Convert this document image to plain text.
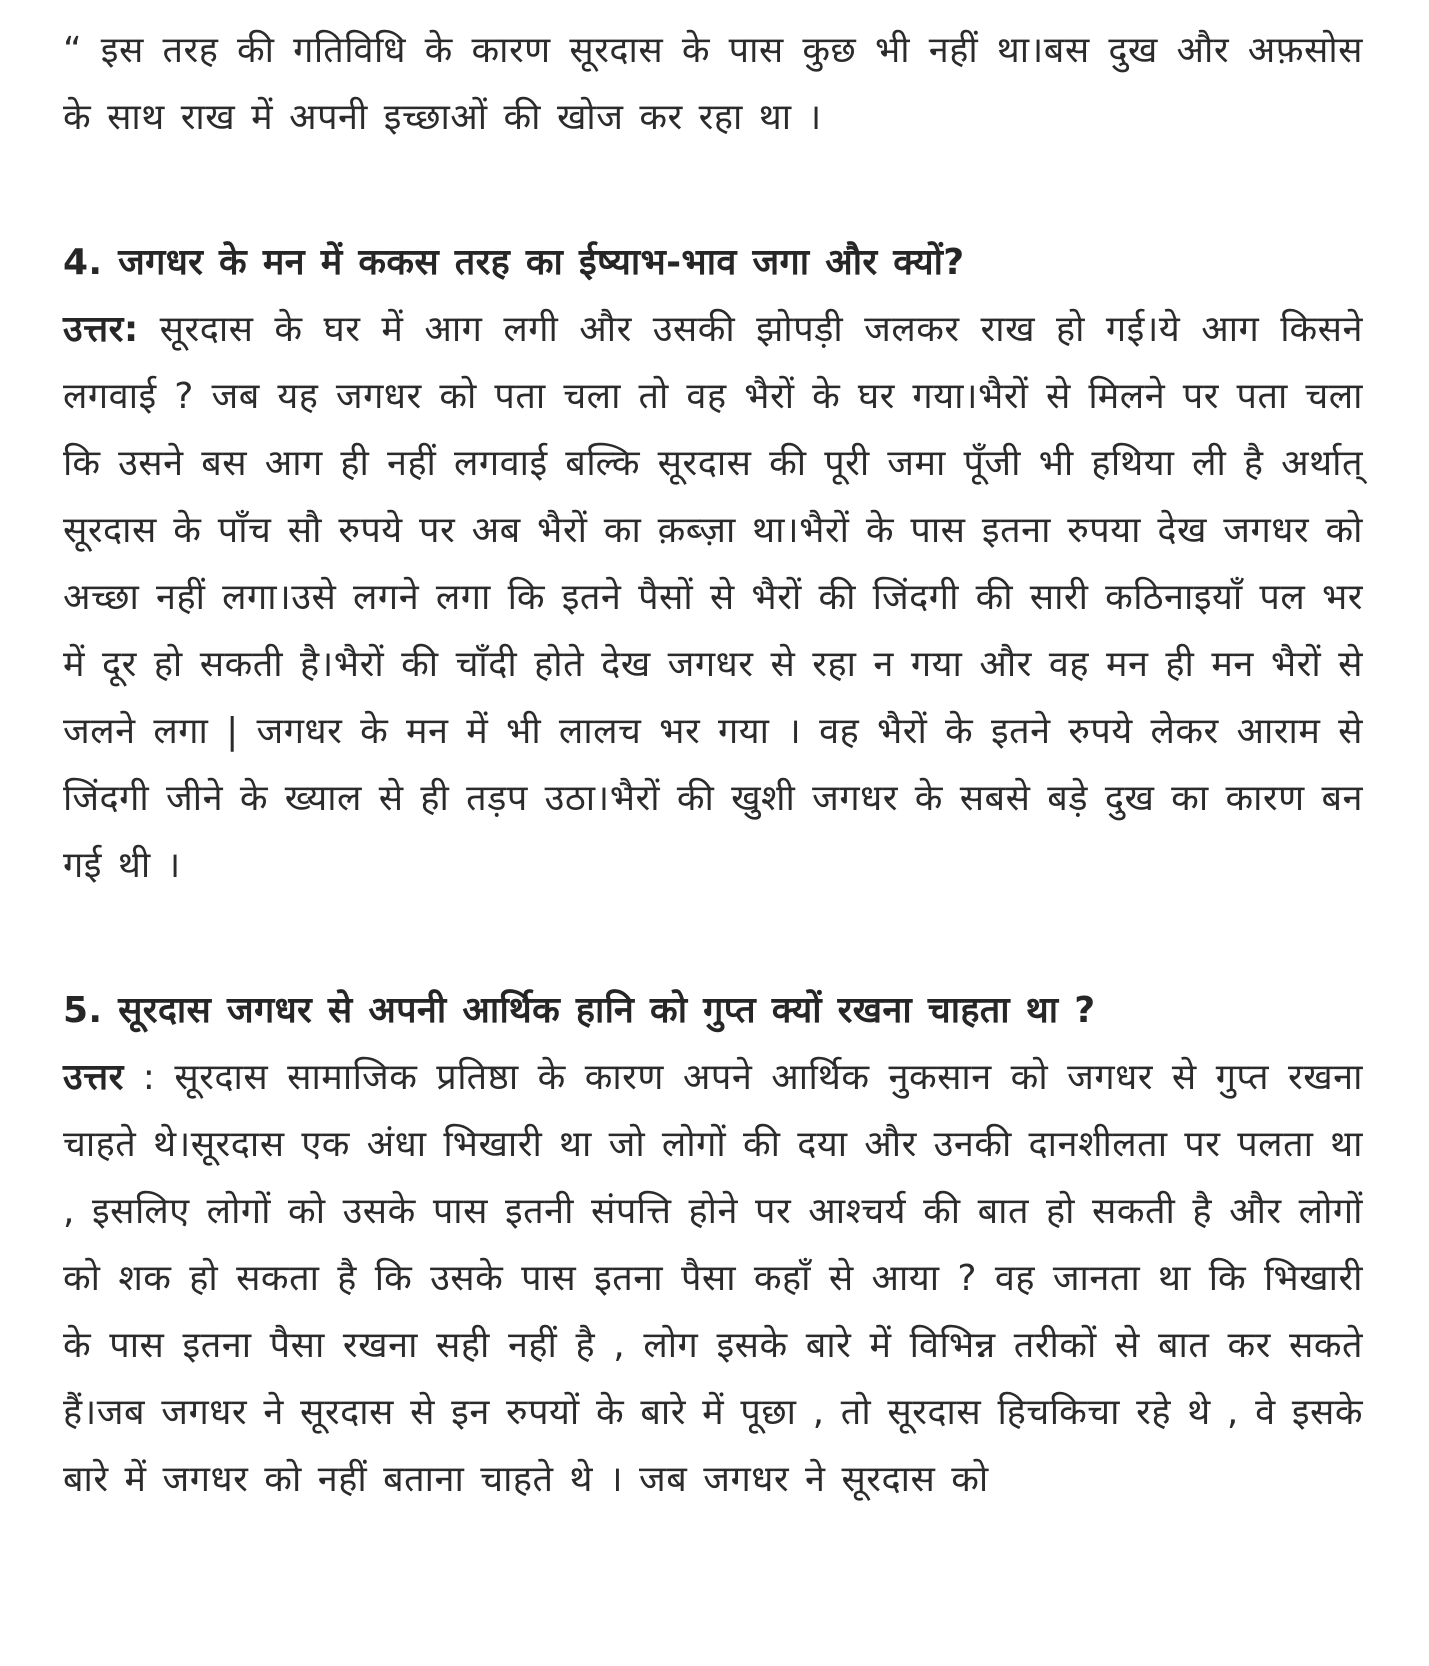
“ इस तरह की गतिविधि के कारण सूरदास के पास कुछ भी नहीं था।बस दुख और अफ़सोस के साथ राख में अपनी इच्छाओं की खोज कर रहा था ।

4. जगधर के मन में ककस तरह का ईष्याभ-भाव जगा और क्यों?

उत्तर: सूरदास के घर में आग लगी और उसकी झोपड़ी जलकर राख हो गई।ये आग किसने लगवाई ? जब यह जगधर को पता चला तो वह भैरों के घर गया।भैरों से मिलने पर पता चला कि उसने बस आग ही नहीं लगवाई बल्कि सूरदास की पूरी जमा पूँजी भी हथिया ली है अर्थात् सूरदास के पाँच सौ रुपये पर अब भैरों का क़ब्ज़ा था।भैरों के पास इतना रुपया देख जगधर को अच्छा नहीं लगा।उसे लगने लगा कि इतने पैसों से भैरों की जिंदगी की सारी कठिनाइयाँ पल भर में दूर हो सकती है।भैरों की चाँदी होते देख जगधर से रहा न गया और वह मन ही मन भैरों से जलने लगा | जगधर के मन में भी लालच भर गया । वह भैरों के इतने रुपये लेकर आराम से जिंदगी जीने के ख्याल से ही तड़प उठा।भैरों की खुशी जगधर के सबसे बड़े दुख का कारण बन गई थी ।

5. सूरदास जगधर से अपनी आर्थिक हानि को गुप्त क्यों रखना चाहता था ?

उत्तर : सूरदास सामाजिक प्रतिष्ठा के कारण अपने आर्थिक नुकसान को जगधर से गुप्त रखना चाहते थे।सूरदास एक अंधा भिखारी था जो लोगों की दया और उनकी दानशीलता पर पलता था , इसलिए लोगों को उसके पास इतनी संपत्ति होने पर आश्चर्य की बात हो सकती है और लोगों को शक हो सकता है कि उसके पास इतना पैसा कहाँ से आया ? वह जानता था कि भिखारी के पास इतना पैसा रखना सही नहीं है , लोग इसके बारे में विभिन्न तरीकों से बात कर सकते हैं।जब जगधर ने सूरदास से इन रुपयों के बारे में पूछा , तो सूरदास हिचकिचा रहे थे , वे इसके बारे में जगधर को नहीं बताना चाहते थे । जब जगधर ने सूरदास को
